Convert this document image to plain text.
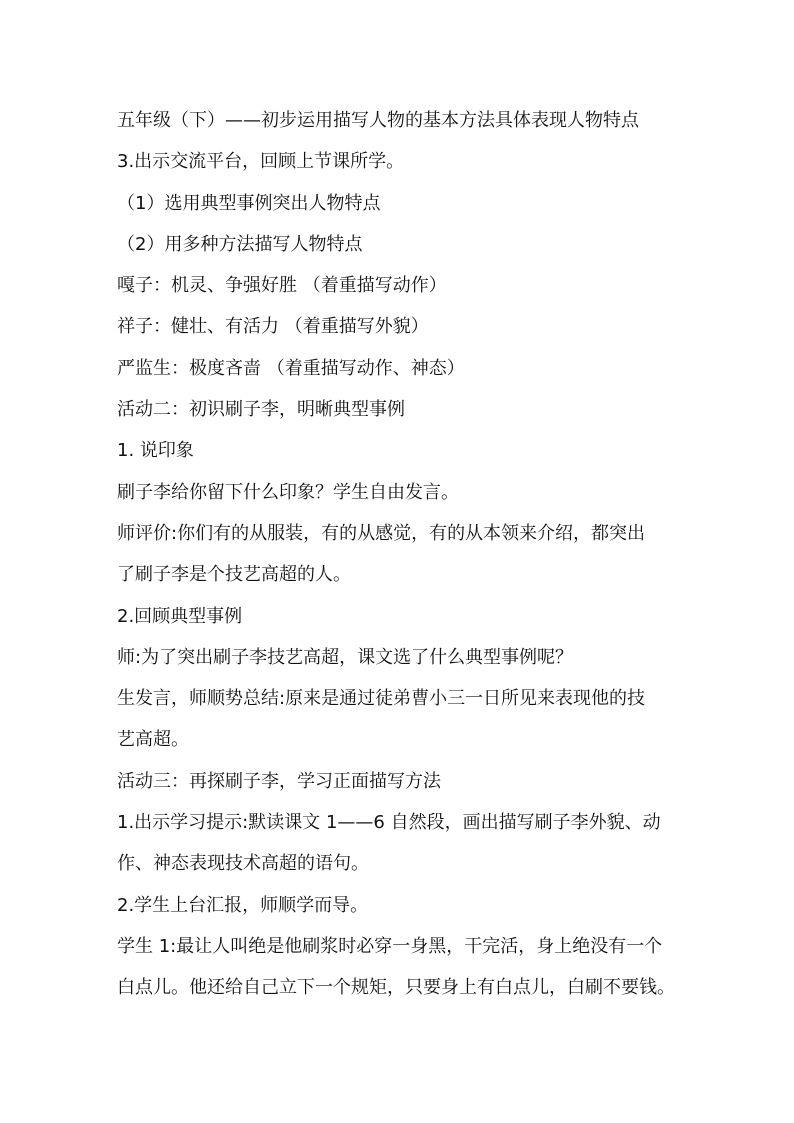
五年级（下）——初步运用描写人物的基本方法具体表现人物特点
3.出示交流平台，回顾上节课所学。
（1）选用典型事例突出人物特点
（2）用多种方法描写人物特点
嘎子：机灵、争强好胜 （着重描写动作）
祥子：健壮、有活力 （着重描写外貌）
严监生：极度吝啬 （着重描写动作、神态）
活动二：初识刷子李，明晰典型事例
1. 说印象
刷子李给你留下什么印象？学生自由发言。
师评价:你们有的从服装，有的从感觉，有的从本领来介绍，都突出
了刷子李是个技艺高超的人。
2.回顾典型事例
师:为了突出刷子李技艺高超，课文选了什么典型事例呢？
生发言，师顺势总结:原来是通过徒弟曹小三一日所见来表现他的技
艺高超。
活动三：再探刷子李，学习正面描写方法
1.出示学习提示:默读课文 1——6 自然段，画出描写刷子李外貌、动
作、神态表现技术高超的语句。
2.学生上台汇报，师顺学而导。
学生 1:最让人叫绝是他刷浆时必穿一身黑，干完活，身上绝没有一个
白点儿。他还给自己立下一个规矩，只要身上有白点儿，白刷不要钱。
